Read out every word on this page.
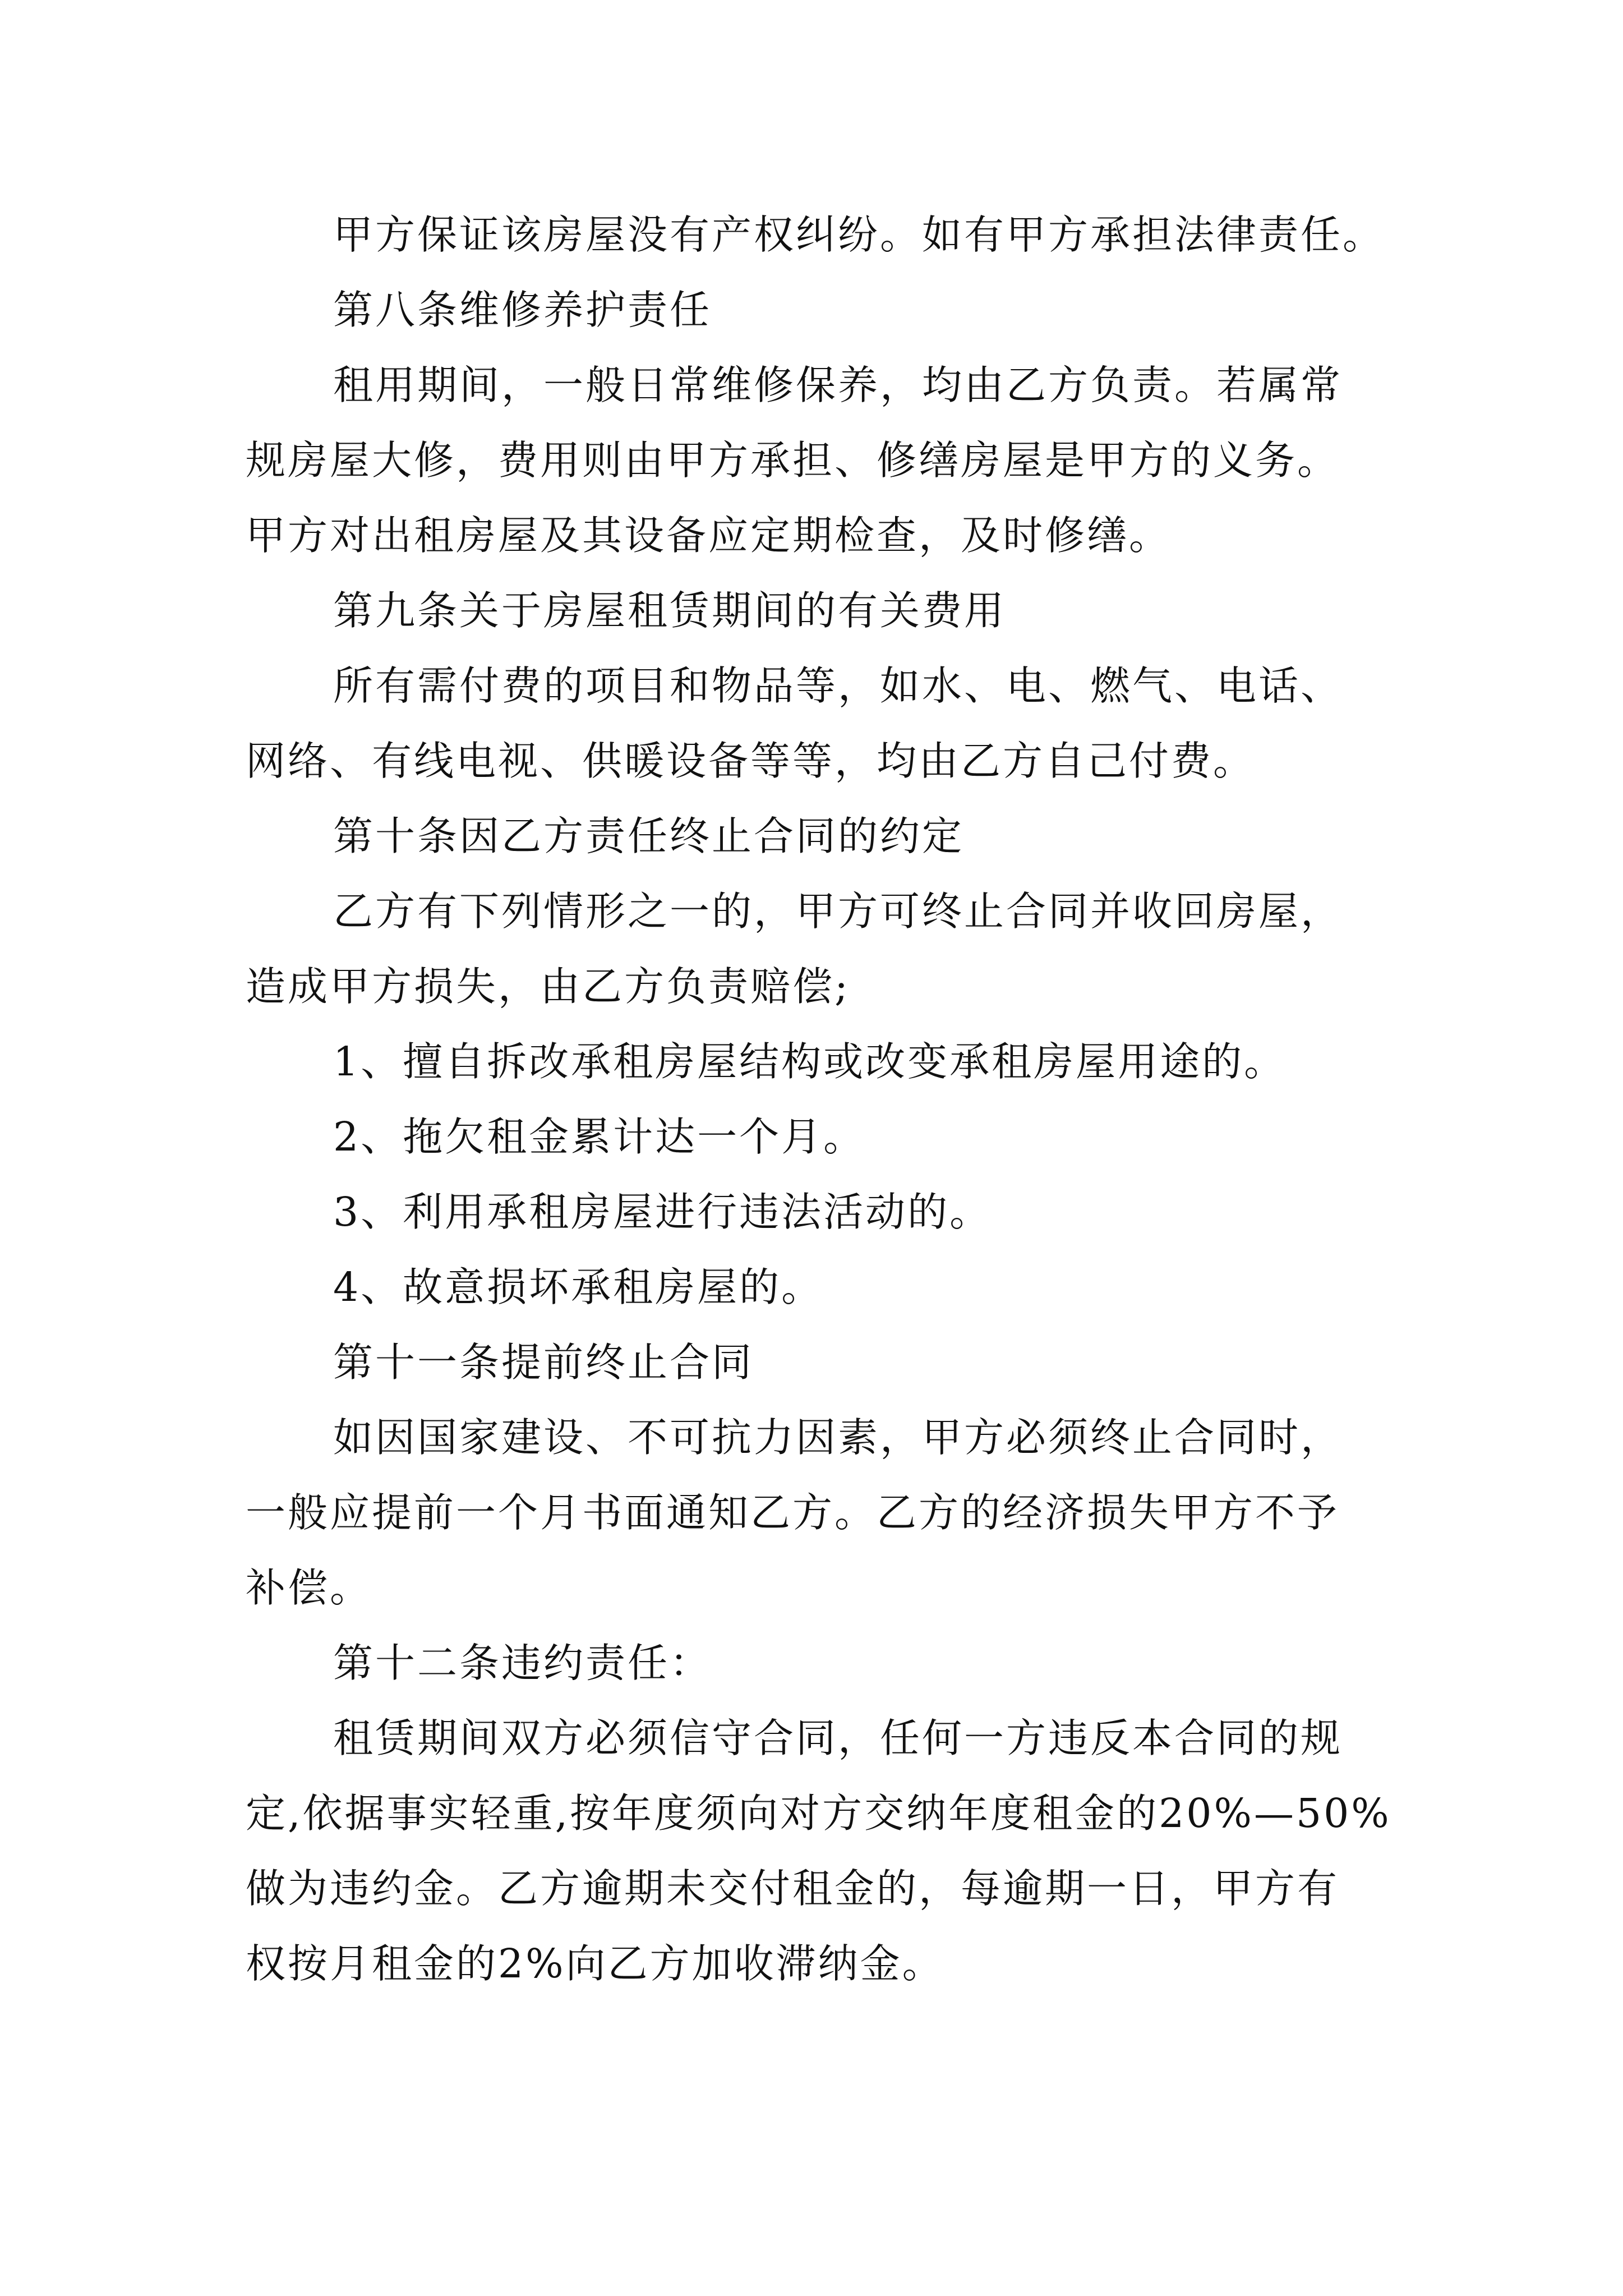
甲方保证该房屋没有产权纠纷。如有甲方承担法律责任。
第八条维修养护责任
租用期间，一般日常维修保养，均由乙方负责。若属常
规房屋大修，费用则由甲方承担、修缮房屋是甲方的义务。
甲方对出租房屋及其设备应定期检查，及时修缮。
第九条关于房屋租赁期间的有关费用
所有需付费的项目和物品等，如水、电、燃气、电话、
网络、有线电视、供暖设备等等，均由乙方自己付费。
第十条因乙方责任终止合同的约定
乙方有下列情形之一的，甲方可终止合同并收回房屋，
造成甲方损失，由乙方负责赔偿;
1、擅自拆改承租房屋结构或改变承租房屋用途的。
2、拖欠租金累计达一个月。
3、利用承租房屋进行违法活动的。
4、故意损坏承租房屋的。
第十一条提前终止合同
如因国家建设、不可抗力因素，甲方必须终止合同时，
一般应提前一个月书面通知乙方。乙方的经济损失甲方不予
补偿。
第十二条违约责任：
租赁期间双方必须信守合同，任何一方违反本合同的规
定,依据事实轻重,按年度须向对方交纳年度租金的20%—50%
做为违约金。乙方逾期未交付租金的，每逾期一日，甲方有
权按月租金的2%向乙方加收滞纳金。
